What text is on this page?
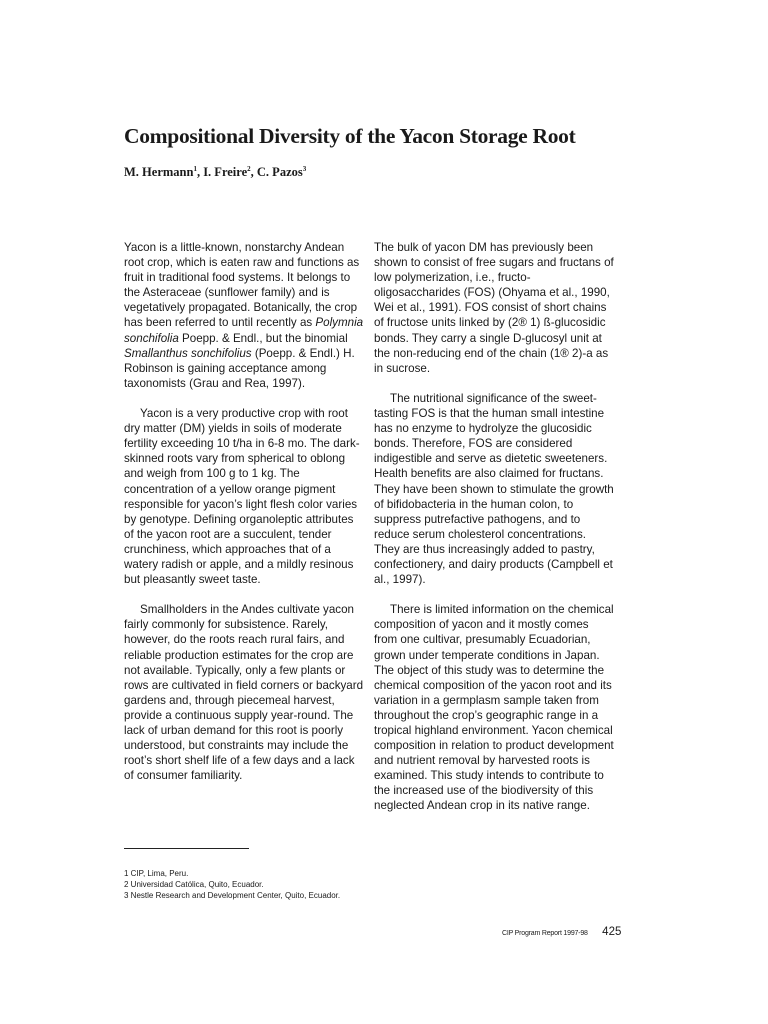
Compositional Diversity of the Yacon Storage Root
M. Hermann$^1$, I. Freire$^2$, C. Pazos$^3$

Yacon is a little-known, nonstarchy Andean root crop, which is eaten raw and functions as fruit in traditional food systems. It belongs to the Asteraceae (sunflower family) and is vegetatively propagated. Botanically, the crop has been referred to until recently as Polymnia sonchifolia Poepp. & Endl., but the binomial Smallanthus sonchifolius (Poepp. & Endl.) H. Robinson is gaining acceptance among taxonomists (Grau and Rea, 1997).

Yacon is a very productive crop with root dry matter (DM) yields in soils of moderate fertility exceeding 10 t/ha in 6-8 mo. The dark-skinned roots vary from spherical to oblong and weigh from 100 g to 1 kg. The concentration of a yellow orange pigment responsible for yacon’s light flesh color varies by genotype. Defining organoleptic attributes of the yacon root are a succulent, tender crunchiness, which approaches that of a watery radish or apple, and a mildly resinous but pleasantly sweet taste.

Smallholders in the Andes cultivate yacon fairly commonly for subsistence. Rarely, however, do the roots reach rural fairs, and reliable production estimates for the crop are not available. Typically, only a few plants or rows are cultivated in field corners or backyard gardens and, through piecemeal harvest, provide a continuous supply year-round. The lack of urban demand for this root is poorly understood, but constraints may include the root’s short shelf life of a few days and a lack of consumer familiarity.

The bulk of yacon DM has previously been shown to consist of free sugars and fructans of low polymerization, i.e., fructo-oligosaccharides (FOS) (Ohyama et al., 1990, Wei et al., 1991). FOS consist of short chains of fructose units linked by (2® 1) ß-glucosidic bonds. They carry a single D-glucosyl unit at the non-reducing end of the chain (1® 2)-a as in sucrose.

The nutritional significance of the sweet-tasting FOS is that the human small intestine has no enzyme to hydrolyze the glucosidic bonds. Therefore, FOS are considered indigestible and serve as dietetic sweeteners. Health benefits are also claimed for fructans. They have been shown to stimulate the growth of bifidobacteria in the human colon, to suppress putrefactive pathogens, and to reduce serum cholesterol concentrations. They are thus increasingly added to pastry, confectionery, and dairy products (Campbell et al., 1997).

There is limited information on the chemical composition of yacon and it mostly comes from one cultivar, presumably Ecuadorian, grown under temperate conditions in Japan. The object of this study was to determine the chemical composition of the yacon root and its variation in a germplasm sample taken from throughout the crop’s geographic range in a tropical highland environment. Yacon chemical composition in relation to product development and nutrient removal by harvested roots is examined. This study intends to contribute to the increased use of the biodiversity of this neglected Andean crop in its native range.

1 CIP, Lima, Peru.
2 Universidad Católica, Quito, Ecuador.
3 Nestle Research and Development Center, Quito, Ecuador.
CIP Program Report 1997-98 425
